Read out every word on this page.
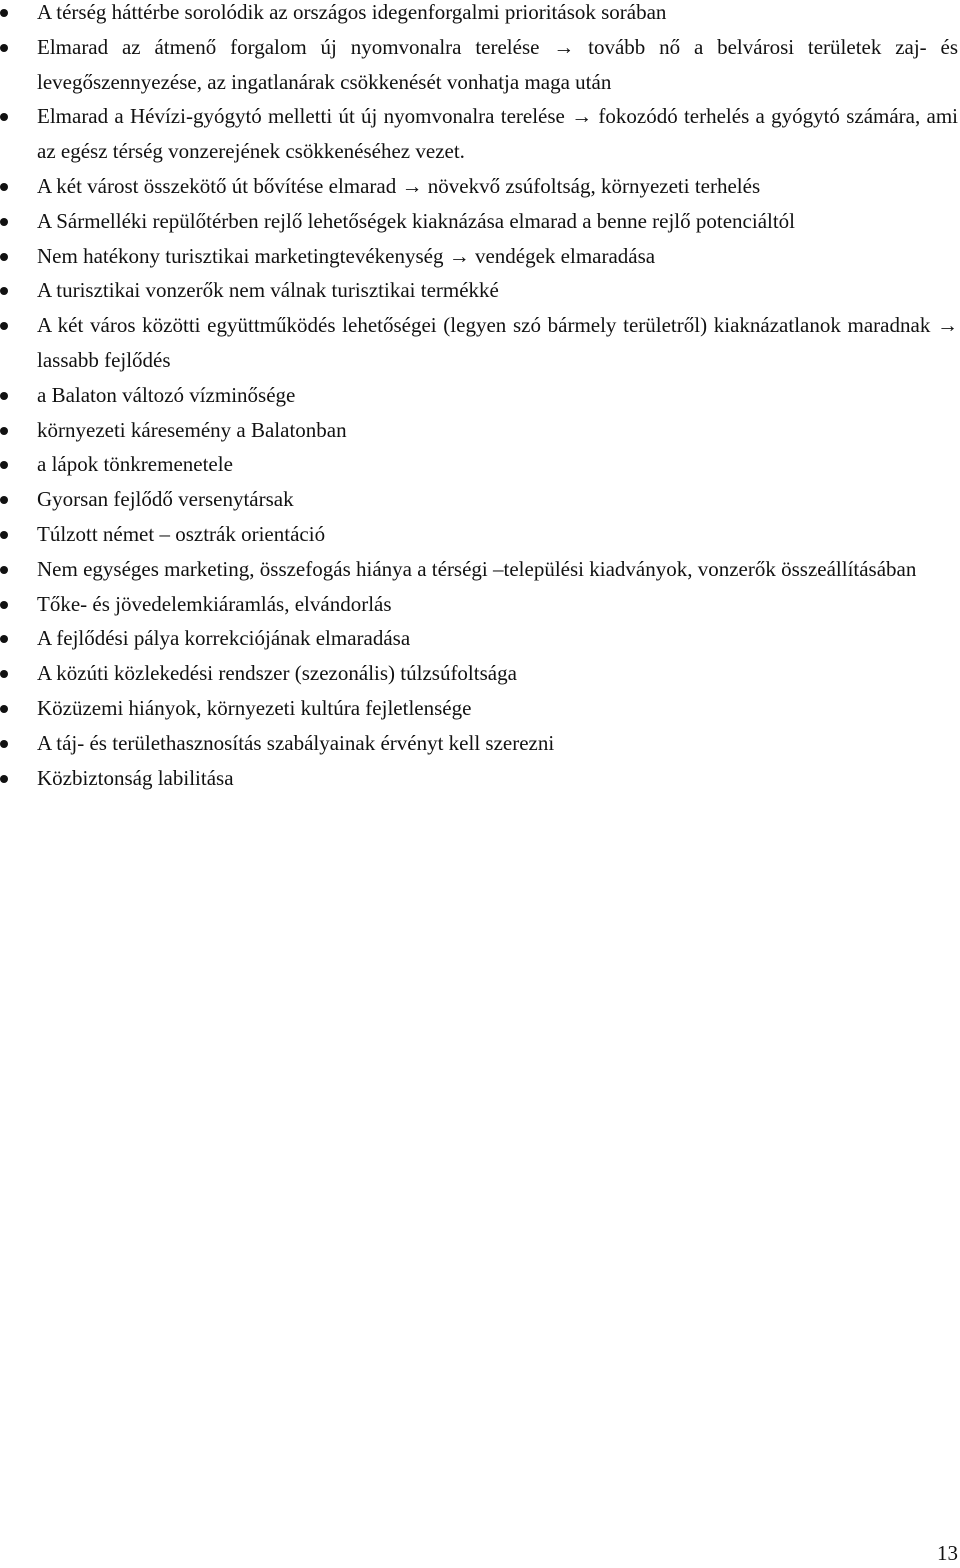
A térség háttérbe sorolódik az országos idegenforgalmi prioritások sorában
Elmarad az átmenő forgalom új nyomvonalra terelése → tovább nő a belvárosi területek zaj- és levegőszennyezése, az ingatlanárak csökkenését vonhatja maga után
Elmarad a Hévízi-gyógytó melletti út új nyomvonalra terelése → fokozódó terhelés a gyógytó számára, ami az egész térség vonzerejének csökkenéséhez vezet.
A két várost összekötő út bővítése elmarad → növekvő zsúfoltság, környezeti terhelés
A Sármelléki repülőtérben rejlő lehetőségek kiaknázása elmarad a benne rejlő potenciáltól
Nem hatékony turisztikai marketingtevékenység → vendégek elmaradása
A turisztikai vonzerők nem válnak turisztikai termékké
A két város közötti együttműködés lehetőségei (legyen szó bármely területről) kiaknázatlanok maradnak → lassabb fejlődés
a Balaton változó vízminősége
környezeti káresemény a Balatonban
a lápok tönkremenetele
Gyorsan fejlődő versenytársak
Túlzott német – osztrák orientáció
Nem egységes marketing, összefogás hiánya a térségi –települési kiadványok, vonzerők összeállításában
Tőke- és jövedelemkiáramlás, elvándorlás
A fejlődési pálya korrekciójának elmaradása
A közúti közlekedési rendszer (szezonális) túlzsúfoltsága
Közüzemi hiányok, környezeti kultúra fejletlensége
A táj- és területhasznosítás szabályainak érvényt kell szerezni
Közbiztonság labilitása
13
